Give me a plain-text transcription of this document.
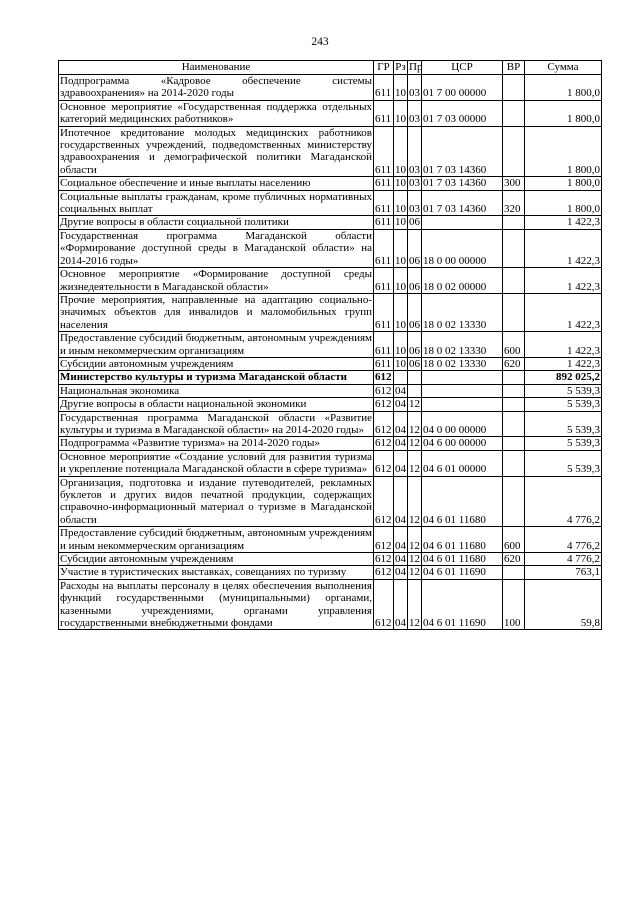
243
Наименование	ГР	Рз	Пр	ЦСР	ВР	Сумма
Подпрограмма «Кадровое обеспечение системы здравоохранения» на 2014-2020 годы	611	10	03	01 7 00 00000		1 800,0
Основное мероприятие «Государственная поддержка отдельных категорий медицинских работников»	611	10	03	01 7 03 00000		1 800,0
Ипотечное кредитование молодых медицинских работников государственных учреждений, подведомственных министерству здравоохранения и демографической политики Магаданской области	611	10	03	01 7 03 14360		1 800,0
Социальное обеспечение и иные выплаты населению	611	10	03	01 7 03 14360	300	1 800,0
Социальные выплаты гражданам, кроме публичных нормативных социальных выплат	611	10	03	01 7 03 14360	320	1 800,0
Другие вопросы в области социальной политики	611	10	06			1 422,3
Государственная программа Магаданской области «Формирование доступной среды в Магаданской области» на 2014-2016 годы»	611	10	06	18 0 00 00000		1 422,3
Основное мероприятие «Формирование доступной среды жизнедеятельности в Магаданской области»	611	10	06	18 0 02 00000		1 422,3
Прочие мероприятия, направленные на адаптацию социально-значимых объектов для инвалидов и маломобильных групп населения	611	10	06	18 0 02 13330		1 422,3
Предоставление субсидий бюджетным, автономным учреждениям и иным некоммерческим организациям	611	10	06	18 0 02 13330	600	1 422,3
Субсидии автономным учреждениям	611	10	06	18 0 02 13330	620	1 422,3
Министерство культуры и туризма Магаданской области	612					892 025,2
Национальная экономика	612	04				5 539,3
Другие вопросы в области национальной экономики	612	04	12			5 539,3
Государственная программа Магаданской области «Развитие культуры и туризма в Магаданской области» на 2014-2020 годы»	612	04	12	04 0 00 00000		5 539,3
Подпрограмма «Развитие туризма» на 2014-2020 годы»	612	04	12	04 6 00 00000		5 539,3
Основное мероприятие «Создание условий для развития туризма и укрепление потенциала Магаданской области в сфере туризма»	612	04	12	04 6 01 00000		5 539,3
Организация, подготовка и издание путеводителей, рекламных буклетов и других видов печатной продукции, содержащих справочно-информационный материал о туризме в Магаданской области	612	04	12	04 6 01 11680		4 776,2
Предоставление субсидий бюджетным, автономным учреждениям и иным некоммерческим организациям	612	04	12	04 6 01 11680	600	4 776,2
Субсидии автономным учреждениям	612	04	12	04 6 01 11680	620	4 776,2
Участие в туристических выставках, совещаниях по туризму	612	04	12	04 6 01 11690		763,1
Расходы на выплаты персоналу в целях обеспечения выполнения функций государственными (муниципальными) органами, казенными учреждениями, органами управления государственными внебюджетными фондами	612	04	12	04 6 01 11690	100	59,8
